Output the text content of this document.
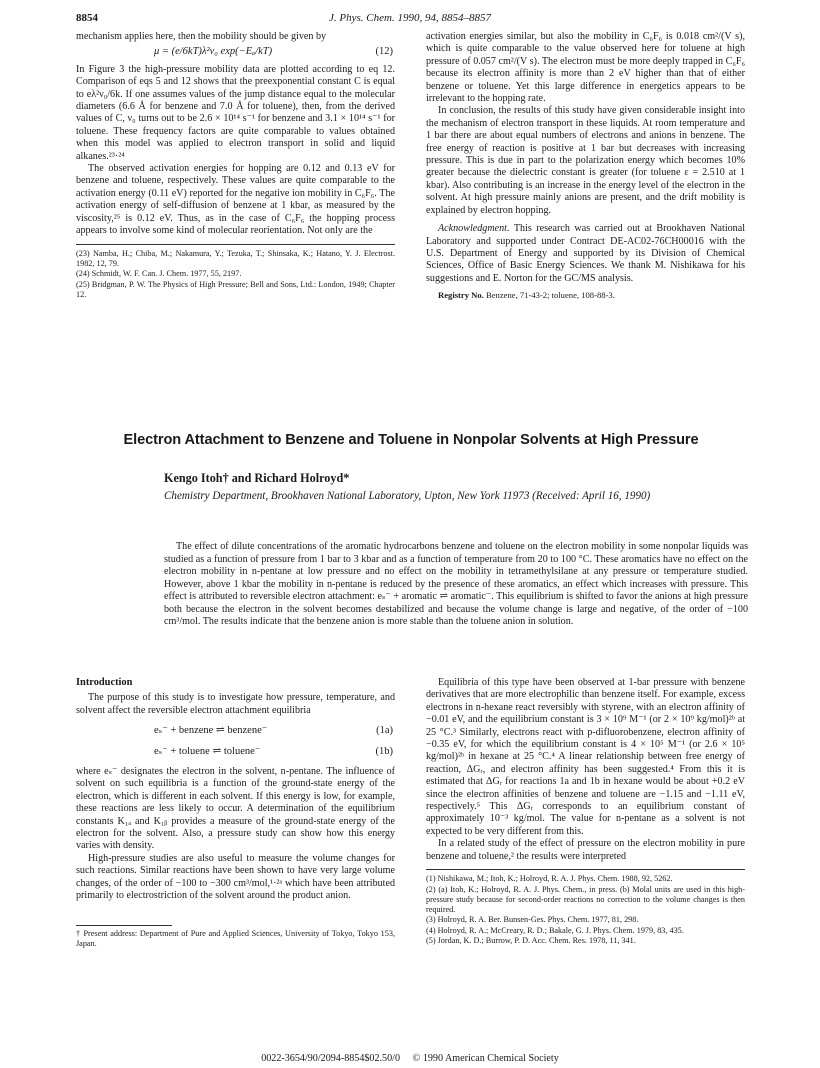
8854	J. Phys. Chem. 1990, 94, 8854–8857

mechanism applies here, then the mobility should be given by

μ = (e/6kT)λ²ν₀ exp(−Eₐ/kT)	(12)

In Figure 3 the high-pressure mobility data are plotted according to eq 12. Comparison of eqs 5 and 12 shows that the preexponential constant C is equal to eλ²ν₀/6k. If one assumes values of the jump distance equal to the molecular diameters (6.6 Å for benzene and 7.0 Å for toluene), then, from the derived values of C, ν₀ turns out to be 2.6 × 10¹⁴ s⁻¹ for benzene and 3.1 × 10¹⁴ s⁻¹ for toluene. These frequency factors are quite comparable to values obtained when this model was applied to electron transport in solid and liquid alkanes.²³·²⁴

The observed activation energies for hopping are 0.12 and 0.13 eV for benzene and toluene, respectively. These values are quite comparable to the activation energy (0.11 eV) reported for the negative ion mobility in C₆F₆. The activation energy of self-diffusion of benzene at 1 kbar, as measured by the viscosity,²⁵ is 0.12 eV. Thus, as in the case of C₆F₆ the hopping process appears to involve some kind of molecular reorientation. Not only are the

(23) Namba, H.; Chiba, M.; Nakamura, Y.; Tezuka, T.; Shinsaka, K.; Hatano, Y. J. Electrost. 1982, 12, 79.

(24) Schmidt, W. F. Can. J. Chem. 1977, 55, 2197.

(25) Bridgman, P. W. The Physics of High Pressure; Bell and Sons, Ltd.: London, 1949; Chapter 12.

activation energies similar, but also the mobility in C₆F₆ is 0.018 cm²/(V s), which is quite comparable to the value observed here for toluene at high pressure of 0.057 cm²/(V s). The electron must be more deeply trapped in C₆F₆ because its electron affinity is more than 2 eV higher than that of either benzene or toluene. Yet this large difference in energetics appears to be irrelevant to the hopping rate.

In conclusion, the results of this study have given considerable insight into the mechanism of electron transport in these liquids. At room temperature and 1 bar there are about equal numbers of electrons and anions in benzene. The free energy of reaction is positive at 1 bar but decreases with increasing pressure. This is due in part to the polarization energy which becomes 10% greater because the dielectric constant is greater (for toluene ε = 2.510 at 1 kbar). Also contributing is an increase in the energy level of the electron in the solvent. At high pressure mainly anions are present, and the drift mobility is explained by electron hopping.

Acknowledgment. This research was carried out at Brookhaven National Laboratory and supported under Contract DE-AC02-76CH00016 with the U.S. Department of Energy and supported by its Division of Chemical Sciences, Office of Basic Energy Sciences. We thank M. Nishikawa for his suggestions and E. Norton for the GC/MS analysis.

Registry No. Benzene, 71-43-2; toluene, 108-88-3.
Electron Attachment to Benzene and Toluene in Nonpolar Solvents at High Pressure
Kengo Itoh† and Richard Holroyd*
Chemistry Department, Brookhaven National Laboratory, Upton, New York 11973 (Received: April 16, 1990)
The effect of dilute concentrations of the aromatic hydrocarbons benzene and toluene on the electron mobility in some nonpolar liquids was studied as a function of pressure from 1 bar to 3 kbar and as a function of temperature from 20 to 100 °C. These aromatics have no effect on the electron mobility in n-pentane at low pressure and no effect on the mobility in tetramethylsilane at any pressure or temperature studied. However, above 1 kbar the mobility in n-pentane is reduced by the presence of these aromatics, an effect which increases with pressure. This effect is attributed to reversible electron attachment: eₛ⁻ + aromatic ⇌ aromatic⁻. This equilibrium is shifted to favor the anions at high pressure both because the electron in the solvent becomes destabilized and because the volume change is large and negative, of the order of −100 cm³/mol. The results indicate that the benzene anion is more stable than the toluene anion in solution.
Introduction

The purpose of this study is to investigate how pressure, temperature, and solvent affect the reversible electron attachment equilibria

eₛ⁻ + benzene ⇌ benzene⁻	(1a)
eₛ⁻ + toluene ⇌ toluene⁻	(1b)

where eₛ⁻ designates the electron in the solvent, n-pentane. The influence of solvent on such equilibria is a function of the ground-state energy of the electron, which is different in each solvent. If this energy is low, for example, these reactions are less likely to occur. A determination of the equilibrium constants K₁ₐ and K₁ᵦ provides a measure of the ground-state energy of the electron for the solvent. Also, a pressure study can show how this energy varies with density.

High-pressure studies are also useful to measure the volume changes for such reactions. Similar reactions have been shown to have very large volume changes, of the order of −100 to −300 cm³/mol,¹·²ᵃ which have been attributed primarily to electrostriction of the solvent around the product anion.

† Present address: Department of Pure and Applied Sciences, University of Tokyo, Tokyo 153, Japan.

Equilibria of this type have been observed at 1-bar pressure with benzene derivatives that are more electrophilic than benzene itself. For example, excess electrons in n-hexane react reversibly with styrene, with an electron affinity of −0.01 eV, and the equilibrium constant is 3 × 10⁹ M⁻¹ (or 2 × 10⁹ kg/mol)²ᵇ at 25 °C.³ Similarly, electrons react with p-difluorobenzene, electron affinity of −0.35 eV, for which the equilibrium constant is 4 × 10⁵ M⁻¹ (or 2.6 × 10⁵ kg/mol)²ᵇ in hexane at 25 °C.⁴ A linear relationship between free energy of reaction, ΔGᵣ, and electron affinity has been suggested.⁴ From this it is estimated that ΔGᵣ for reactions 1a and 1b in hexane would be about +0.2 eV since the electron affinities of benzene and toluene are −1.15 and −1.11 eV, respectively.⁵ This ΔGᵣ corresponds to an equilibrium constant of approximately 10⁻³ kg/mol. The value for n-pentane as a solvent is not expected to be very different from this.

In a related study of the effect of pressure on the electron mobility in pure benzene and toluene,² the results were interpreted

(1) Nishikawa, M.; Itoh, K.; Holroyd, R. A. J. Phys. Chem. 1988, 92, 5262.

(2) (a) Itoh, K.; Holroyd, R. A. J. Phys. Chem., in press. (b) Molal units are used in this high-pressure study because for second-order reactions no correction to the volume changes is then required.

(3) Holroyd, R. A. Ber. Bunsen-Ges. Phys. Chem. 1977, 81, 298.

(4) Holroyd, R. A.; McCreary, R. D.; Bakale, G. J. Phys. Chem. 1979, 83, 435.

(5) Jordan, K. D.; Burrow, P. D. Acc. Chem. Res. 1978, 11, 341.

0022-3654/90/2094-8854$02.50/0 © 1990 American Chemical Society
